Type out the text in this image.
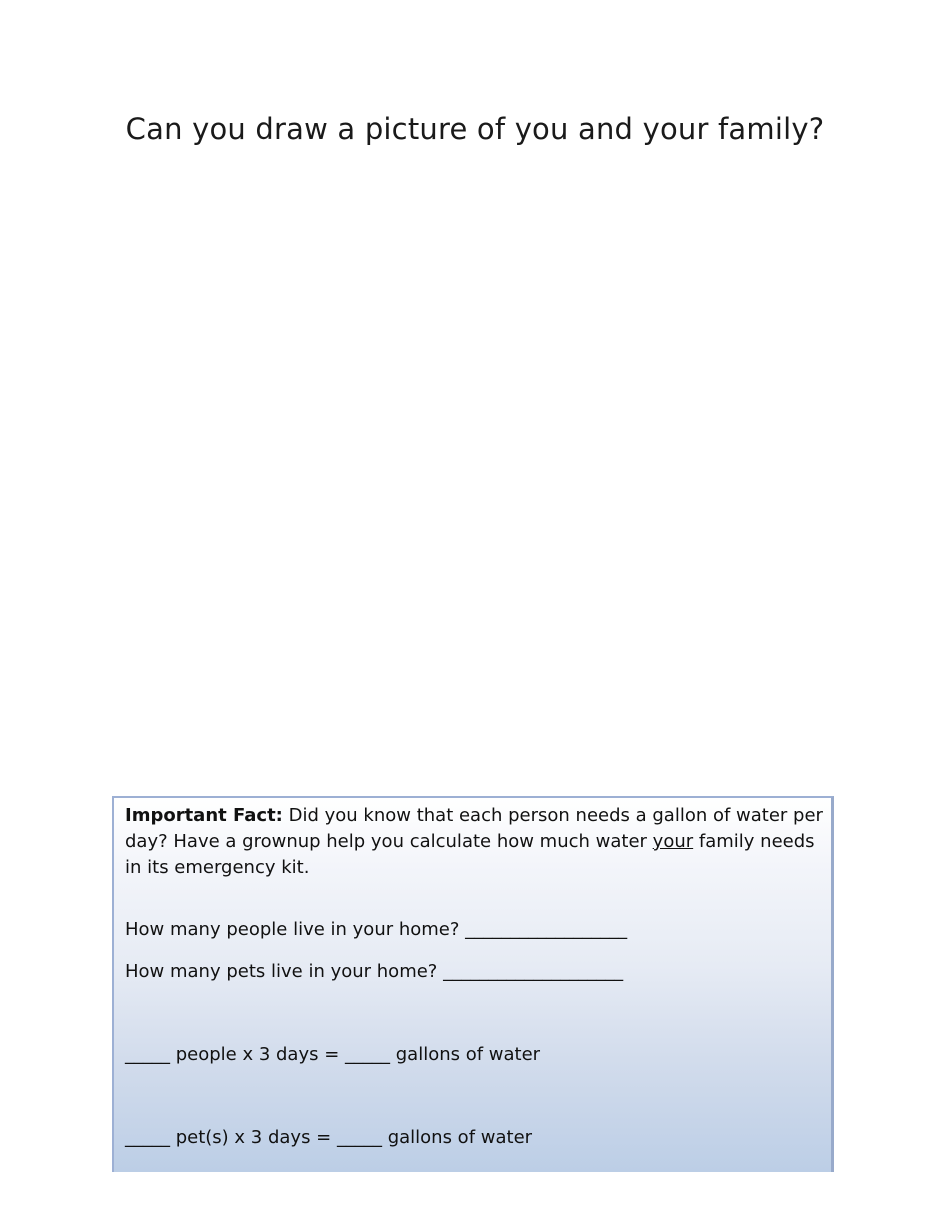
Can you draw a picture of you and your family?
Important Fact: Did you know that each person needs a gallon of water per day? Have a grownup help you calculate how much water your family needs in its emergency kit.
How many people live in your home? __________________
How many pets live in your home? ____________________
_____ people x 3 days = _____ gallons of water
_____ pet(s) x 3 days = _____ gallons of water
